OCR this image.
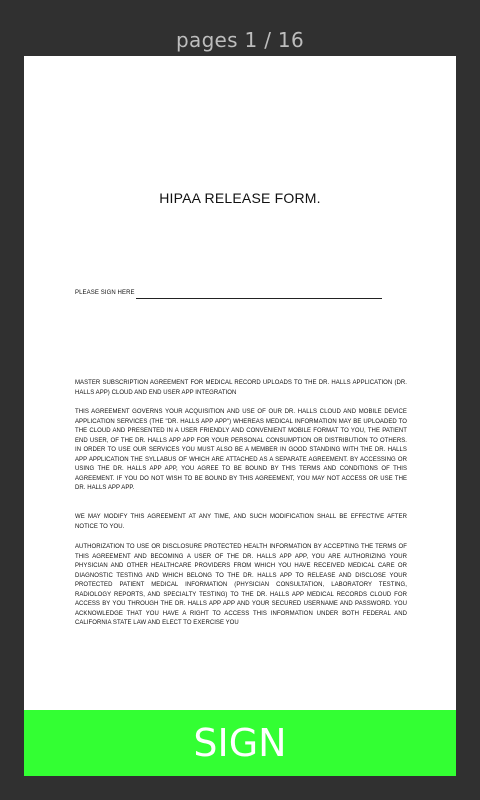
pages 1 / 16
HIPAA RELEASE FORM.
PLEASE SIGN HERE

MASTER SUBSCRIPTION AGREEMENT FOR MEDICAL RECORD UPLOADS TO THE DR. HALLS APPLICATION (DR. HALLS APP) CLOUD AND END USER APP INTEGRATION

THIS AGREEMENT GOVERNS YOUR ACQUISITION AND USE OF OUR DR. HALLS CLOUD AND MOBILE DEVICE APPLICATION SERVICES (THE "DR. HALLS APP APP") WHEREAS MEDICAL INFORMATION MAY BE UPLOADED TO THE CLOUD AND PRESENTED IN A USER FRIENDLY AND CONVENIENT MOBILE FORMAT TO YOU, THE PATIENT END USER, OF THE DR. HALLS APP APP FOR YOUR PERSONAL CONSUMPTION OR DISTRIBUTION TO OTHERS. IN ORDER TO USE OUR SERVICES YOU MUST ALSO BE A MEMBER IN GOOD STANDING WITH THE DR. HALLS APP APPLICATION THE SYLLABUS OF WHICH ARE ATTACHED AS A SEPARATE AGREEMENT. BY ACCESSING OR USING THE DR. HALLS APP APP, YOU AGREE TO BE BOUND BY THIS TERMS AND CONDITIONS OF THIS AGREEMENT. IF YOU DO NOT WISH TO BE BOUND BY THIS AGREEMENT, YOU MAY NOT ACCESS OR USE THE DR. HALLS APP APP.

WE MAY MODIFY THIS AGREEMENT AT ANY TIME, AND SUCH MODIFICATION SHALL BE EFFECTIVE AFTER NOTICE TO YOU.

AUTHORIZATION TO USE OR DISCLOSURE PROTECTED HEALTH INFORMATION BY ACCEPTING THE TERMS OF THIS AGREEMENT AND BECOMING A USER OF THE DR. HALLS APP APP, YOU ARE AUTHORIZING YOUR PHYSICIAN AND OTHER HEALTHCARE PROVIDERS FROM WHICH YOU HAVE RECEIVED MEDICAL CARE OR DIAGNOSTIC TESTING AND WHICH BELONG TO THE DR. HALLS APP TO RELEASE AND DISCLOSE YOUR PROTECTED PATIENT MEDICAL INFORMATION (PHYSICIAN CONSULTATION, LABORATORY TESTING, RADIOLOGY REPORTS, AND SPECIALTY TESTING) TO THE DR. HALLS APP MEDICAL RECORDS CLOUD FOR ACCESS BY YOU THROUGH THE DR. HALLS APP APP AND YOUR SECURED USERNAME AND PASSWORD. YOU ACKNOWLEDGE THAT YOU HAVE A RIGHT TO ACCESS THIS INFORMATION UNDER BOTH FEDERAL AND CALIFORNIA STATE LAW AND ELECT TO EXERCISE YOU

SIGN
